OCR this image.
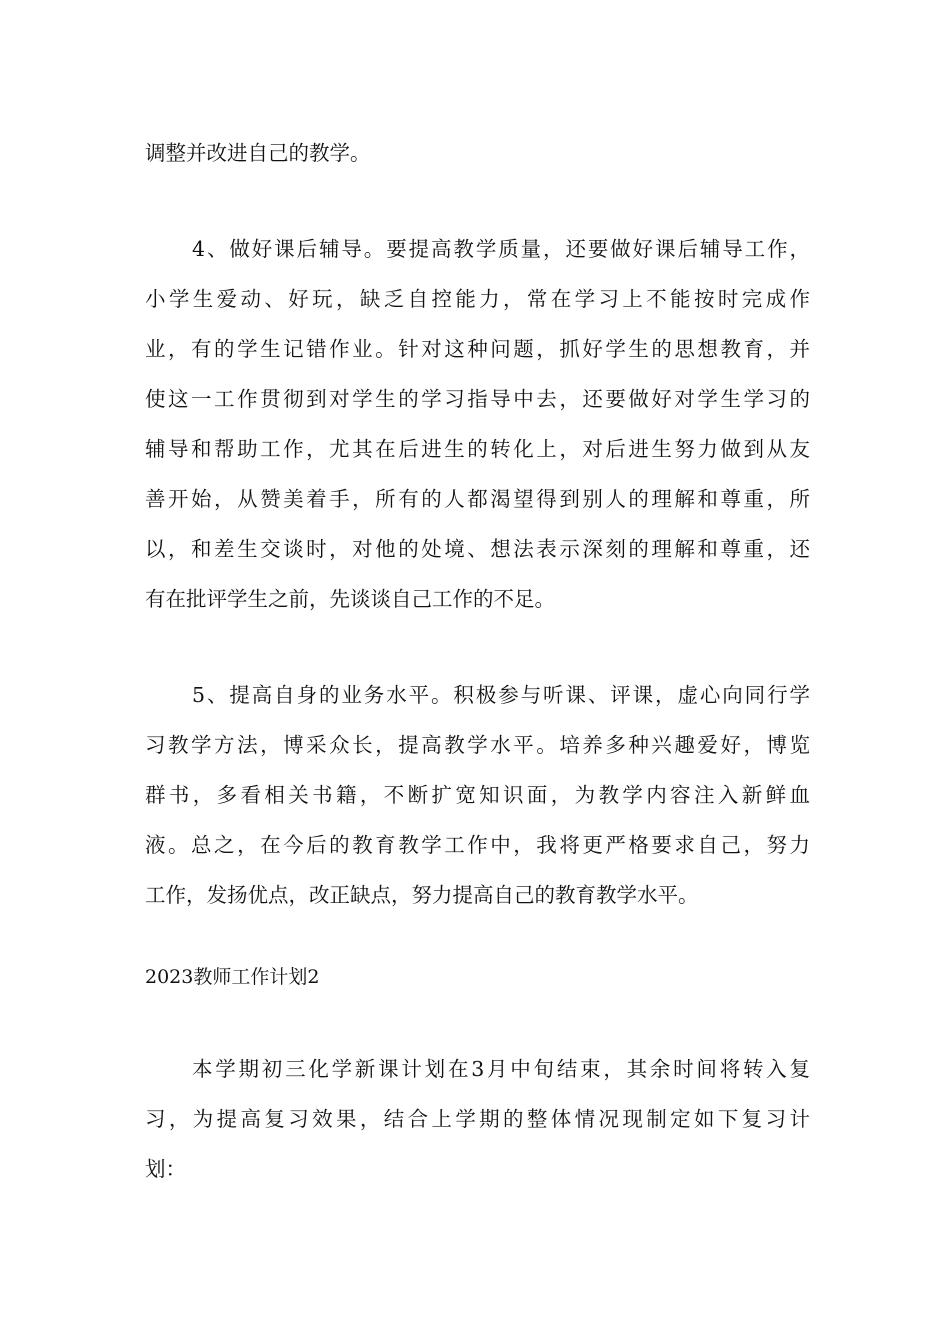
调整并改进自己的教学。
4、做好课后辅导。要提高教学质量，还要做好课后辅导工作，
小学生爱动、好玩，缺乏自控能力，常在学习上不能按时完成作
业，有的学生记错作业。针对这种问题，抓好学生的思想教育，并
使这一工作贯彻到对学生的学习指导中去，还要做好对学生学习的
辅导和帮助工作，尤其在后进生的转化上，对后进生努力做到从友
善开始，从赞美着手，所有的人都渴望得到别人的理解和尊重，所
以，和差生交谈时，对他的处境、想法表示深刻的理解和尊重，还
有在批评学生之前，先谈谈自己工作的不足。
5、提高自身的业务水平。积极参与听课、评课，虚心向同行学
习教学方法，博采众长，提高教学水平。培养多种兴趣爱好，博览
群书，多看相关书籍，不断扩宽知识面，为教学内容注入新鲜血
液。总之，在今后的教育教学工作中，我将更严格要求自己，努力
工作，发扬优点，改正缺点，努力提高自己的教育教学水平。
2023教师工作计划2
本学期初三化学新课计划在3月中旬结束，其余时间将转入复
习，为提高复习效果，结合上学期的整体情况现制定如下复习计
划：
